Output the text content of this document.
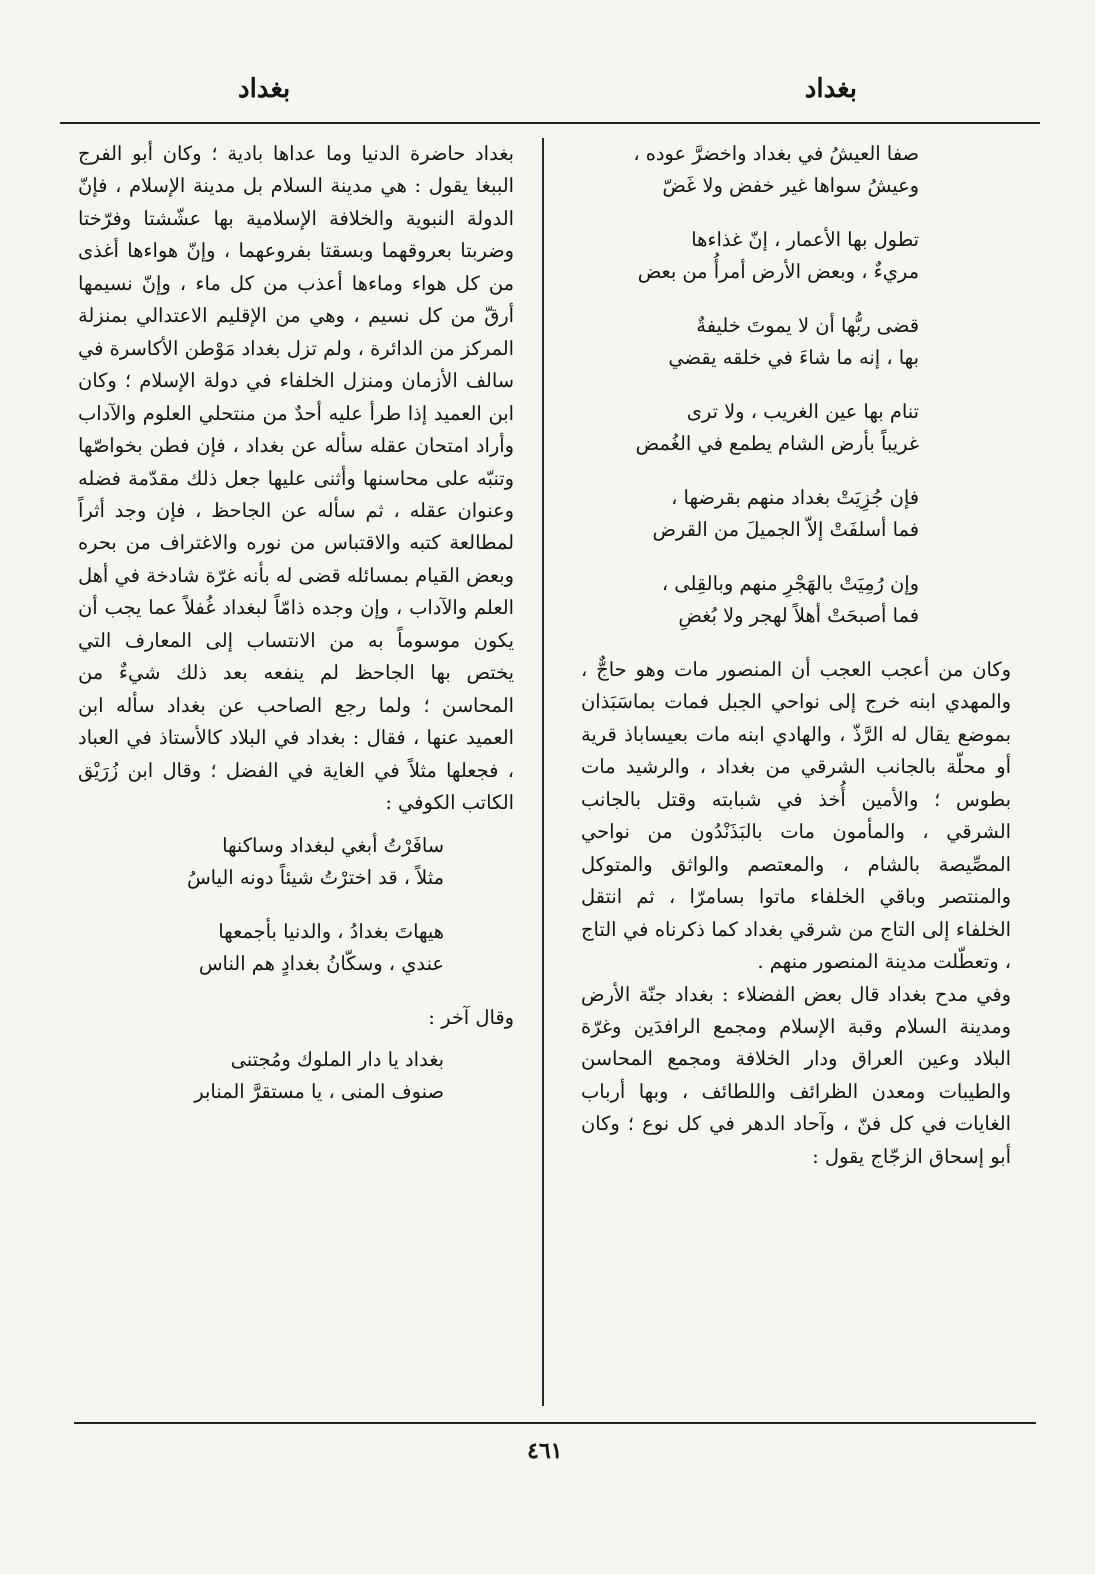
بغداد
بغداد
صفا العيشُ في بغداد واخضرَّ عوده ،
وعيشُ سواها غير خفض ولا غَضّ
تطول بها الأعمار ، إنّ غذاءها
مريءٌ ، وبعض الأرض أمرأُ من بعض
قضى ربُّها أن لا يموتَ خليفةٌ
بها ، إنه ما شاءَ في خلقه يقضي
تنام بها عين الغريب ، ولا ترى
غريباً بأرض الشام يطمع في الغُمض
فإن جُزِيَتْ بغداد منهم بقرضها ،
فما أسلفَتْ إلاّ الجميلَ من القرض
وإن رُمِيَتْ بالهَجْرِ منهم وبالقِلى ،
فما أصبحَتْ أهلاً لهجر ولا بُغضِ
وكان من أعجب العجب أن المنصور مات وهو حاجٌّ ، والمهدي ابنه خرج إلى نواحي الجبل فمات بماسَبَذان بموضع يقال له الرَّذّ ، والهادي ابنه مات بعيساباذ قرية أو محلّة بالجانب الشرقي من بغداد ، والرشيد مات بطوس ؛ والأمين أُخذ في شبابته وقتل بالجانب الشرقي ، والمأمون مات بالبَذَنْدُون من نواحي المصِّيصة بالشام ، والمعتصم والواثق والمتوكل والمنتصر وباقي الخلفاء ماتوا بسامرّا ، ثم انتقل الخلفاء إلى التاج من شرقي بغداد كما ذكرناه في التاج ، وتعطّلت مدينة المنصور منهم .
وفي مدح بغداد قال بعض الفضلاء : بغداد جنّة الأرض ومدينة السلام وقبة الإسلام ومجمع الرافدَين وغرّة البلاد وعين العراق ودار الخلافة ومجمع المحاسن والطيبات ومعدن الظرائف واللطائف ، وبها أرباب الغايات في كل فنّ ، وآحاد الدهر في كل نوع ؛ وكان أبو إسحاق الزجّاج يقول :
بغداد حاضرة الدنيا وما عداها بادية ؛ وكان أبو الفرج الببغا يقول : هي مدينة السلام بل مدينة الإسلام ، فإنّ الدولة النبوية والخلافة الإسلامية بها عشّشتا وفرّختا وضربتا بعروقهما وبسقتا بفروعهما ، وإنّ هواءها أغذى من كل هواء وماءها أعذب من كل ماء ، وإنّ نسيمها أرقّ من كل نسيم ، وهي من الإقليم الاعتدالي بمنزلة المركز من الدائرة ، ولم تزل بغداد مَوْطن الأكاسرة في سالف الأزمان ومنزل الخلفاء في دولة الإسلام ؛ وكان ابن العميد إذا طرأ عليه أحدٌ من منتحلي العلوم والآداب وأراد امتحان عقله سأله عن بغداد ، فإن فطن بخواصّها وتنبّه على محاسنها وأثنى عليها جعل ذلك مقدّمة فضله وعنوان عقله ، ثم سأله عن الجاحظ ، فإن وجد أثراً لمطالعة كتبه والاقتباس من نوره والاغتراف من بحره وبعض القيام بمسائله قضى له بأنه غرّة شادخة في أهل العلم والآداب ، وإن وجده ذامّاً لبغداد غُفلاً عما يجب أن يكون موسوماً به من الانتساب إلى المعارف التي يختص بها الجاحظ لم ينفعه بعد ذلك شيءٌ من المحاسن ؛ ولما رجع الصاحب عن بغداد سأله ابن العميد عنها ، فقال : بغداد في البلاد كالأستاذ في العباد ، فجعلها مثلاً في الغاية في الفضل ؛ وقال ابن زُرَيْق الكاتب الكوفي :
سافَرْتُ أبغي لبغداد وساكنها
مثلاً ، قد اخترْتُ شيئاً دونه الياسُ
هيهاتَ بغدادُ ، والدنيا بأجمعها
عندي ، وسكّانُ بغدادٍ هم الناس
وقال آخر :
بغداد يا دار الملوك ومُجتنى
صنوف المنى ، يا مستقرَّ المنابر
٤٦١
